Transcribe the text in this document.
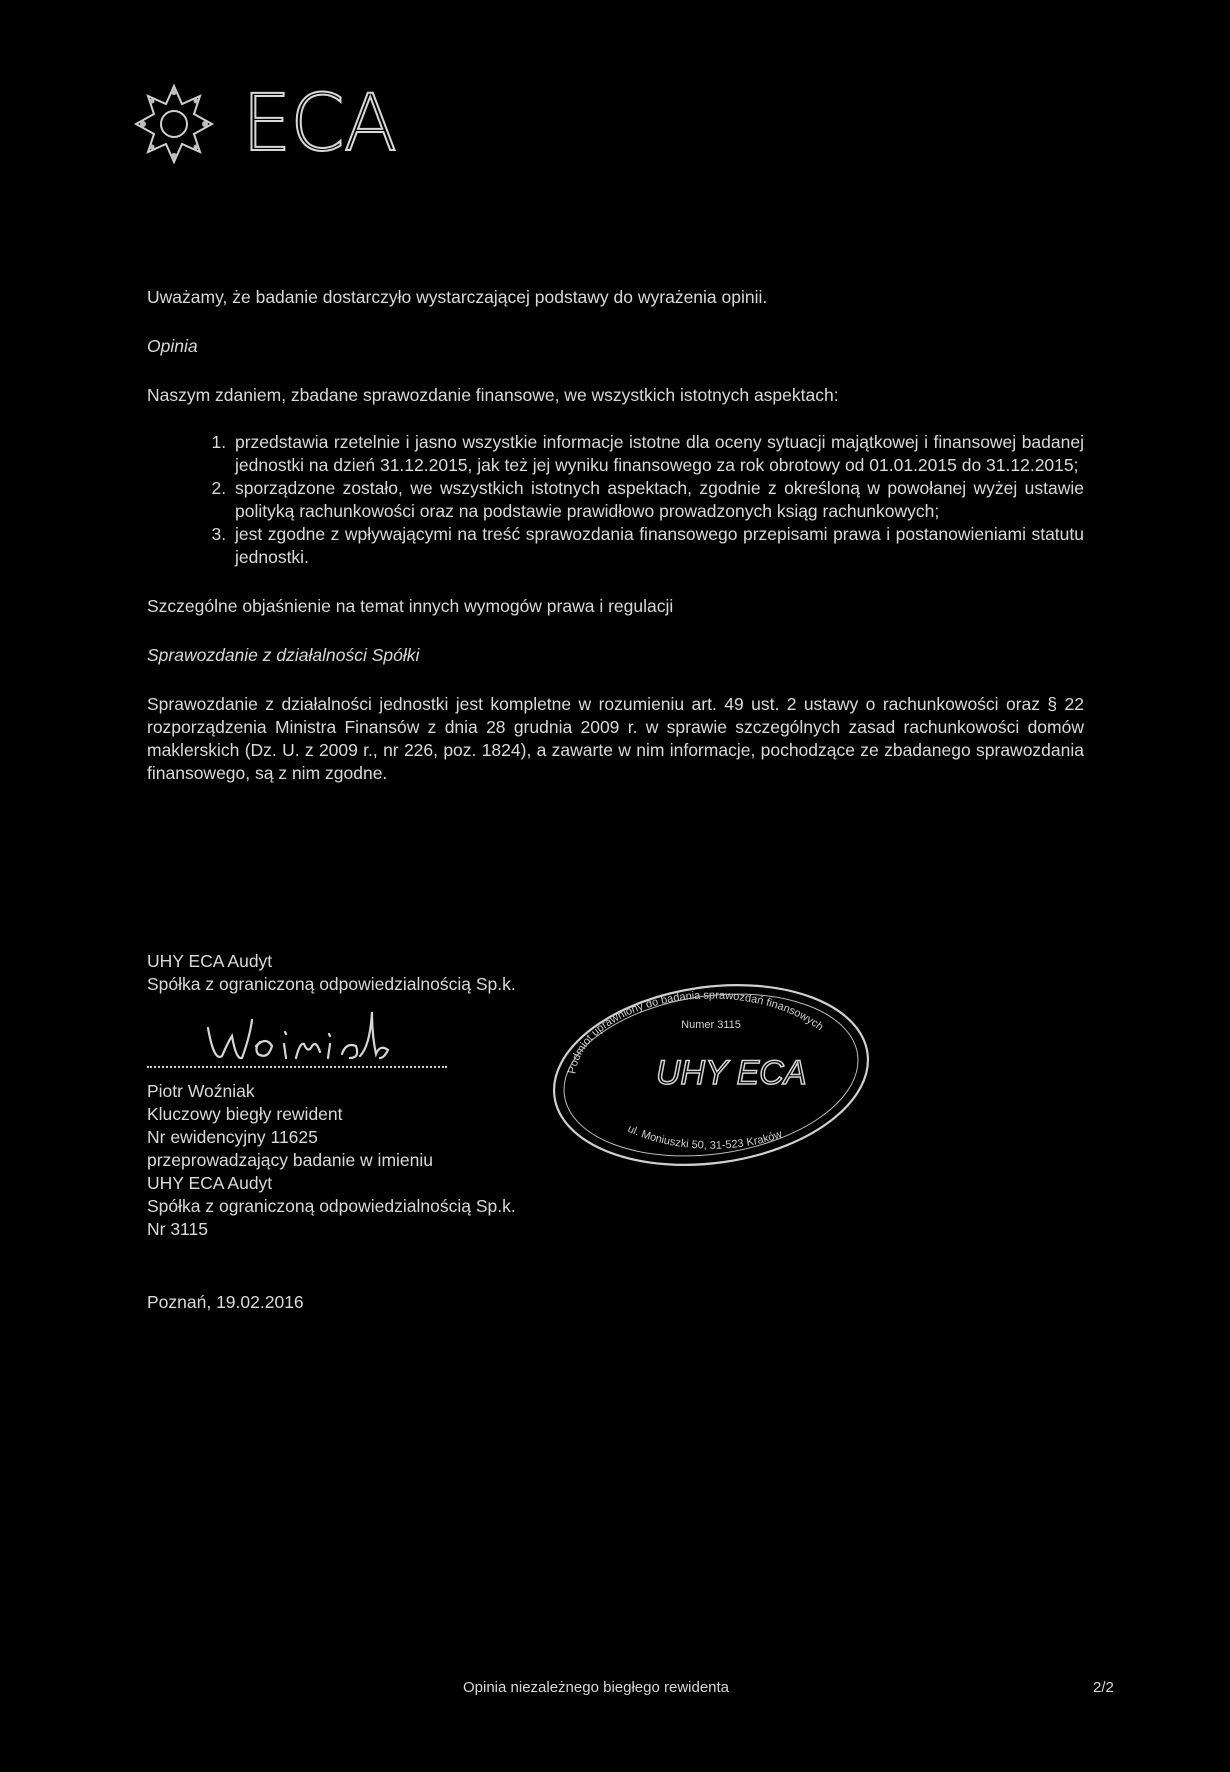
ECA

Uważamy, że badanie dostarczyło wystarczającej podstawy do wyrażenia opinii.

Opinia

Naszym zdaniem, zbadane sprawozdanie finansowe, we wszystkich istotnych aspektach:

1. przedstawia rzetelnie i jasno wszystkie informacje istotne dla oceny sytuacji majątkowej i finansowej badanej jednostki na dzień 31.12.2015, jak też jej wyniku finansowego za rok obrotowy od 01.01.2015 do 31.12.2015;
2. sporządzone zostało, we wszystkich istotnych aspektach, zgodnie z określoną w powołanej wyżej ustawie polityką rachunkowości oraz na podstawie prawidłowo prowadzonych ksiąg rachunkowych;
3. jest zgodne z wpływającymi na treść sprawozdania finansowego przepisami prawa i postanowieniami statutu jednostki.

Szczególne objaśnienie na temat innych wymogów prawa i regulacji

Sprawozdanie z działalności Spółki

Sprawozdanie z działalności jednostki jest kompletne w rozumieniu art. 49 ust. 2 ustawy o rachunkowości oraz § 22 rozporządzenia Ministra Finansów z dnia 28 grudnia 2009 r. w sprawie szczególnych zasad rachunkowości domów maklerskich (Dz. U. z 2009 r., nr 226, poz. 1824), a zawarte w nim informacje, pochodzące ze zbadanego sprawozdania finansowego, są z nim zgodne.

UHY ECA Audyt
Spółka z ograniczoną odpowiedzialnością Sp.k.
Piotr Woźniak
Kluczowy biegły rewident
Nr ewidencyjny 11625
przeprowadzający badanie w imieniu
UHY ECA Audyt
Spółka z ograniczoną odpowiedzialnością Sp.k.
Nr 3115
Podmiot uprawniony do badania sprawozdań finansowych
ul. Moniuszki 50, 31-523 Kraków
Numer 3115
UHY ECA
Poznań, 19.02.2016
Opinia niezależnego biegłego rewidenta	2/2
